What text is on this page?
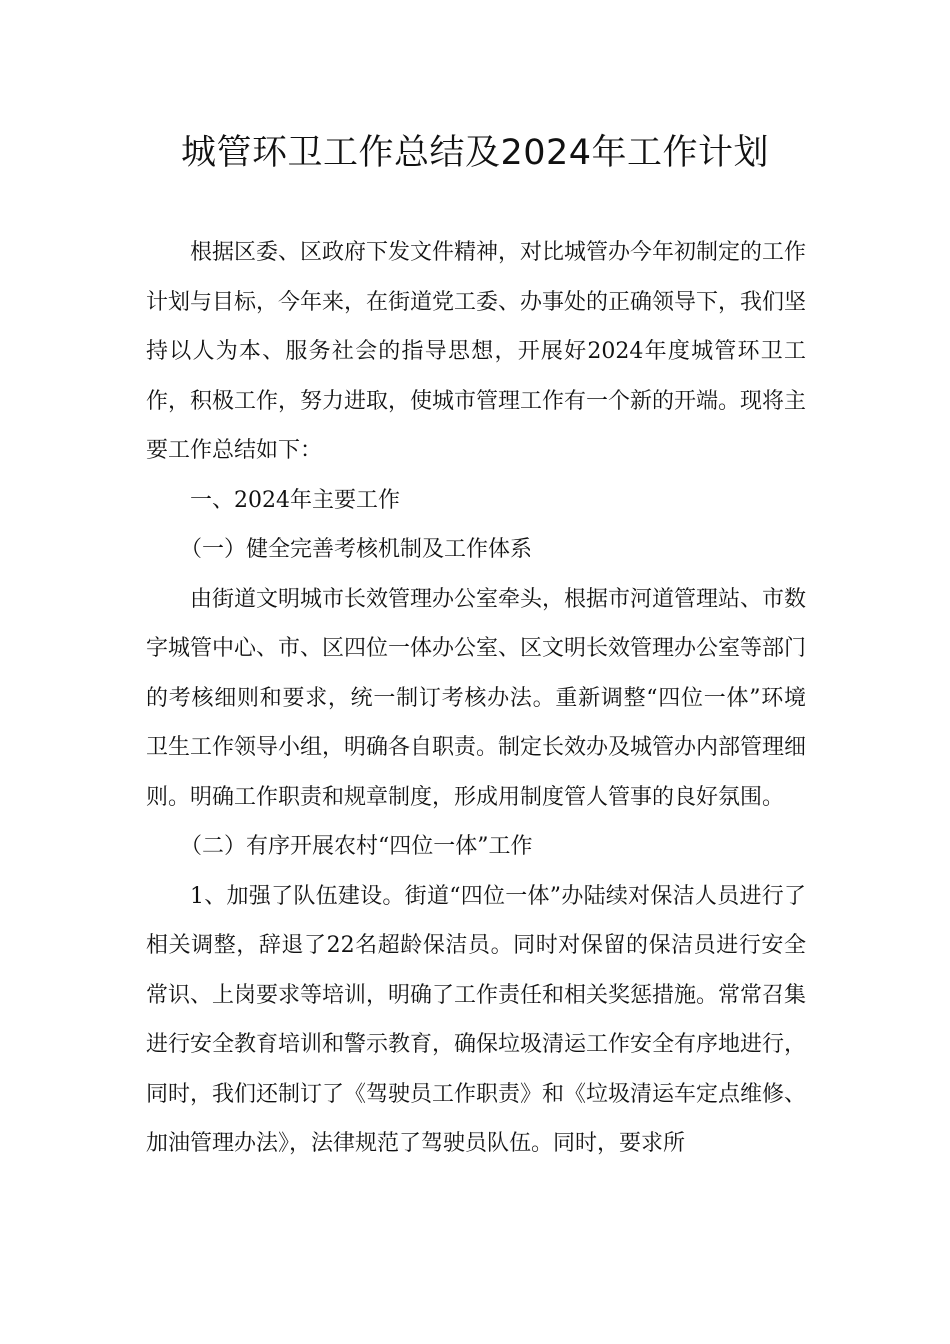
城管环卫工作总结及2024年工作计划

根据区委、区政府下发文件精神，对比城管办今年初制定的工作计划与目标，今年来，在街道党工委、办事处的正确领导下，我们坚持以人为本、服务社会的指导思想，开展好2024年度城管环卫工作，积极工作，努力进取，使城市管理工作有一个新的开端。现将主要工作总结如下：

一、2024年主要工作

（一）健全完善考核机制及工作体系

由街道文明城市长效管理办公室牵头，根据市河道管理站、市数字城管中心、市、区四位一体办公室、区文明长效管理办公室等部门的考核细则和要求，统一制订考核办法。重新调整“四位一体”环境卫生工作领导小组，明确各自职责。制定长效办及城管办内部管理细则。明确工作职责和规章制度，形成用制度管人管事的良好氛围。

（二）有序开展农村“四位一体”工作

1、加强了队伍建设。街道“四位一体”办陆续对保洁人员进行了相关调整，辞退了22名超龄保洁员。同时对保留的保洁员进行安全常识、上岗要求等培训，明确了工作责任和相关奖惩措施。常常召集进行安全教育培训和警示教育，确保垃圾清运工作安全有序地进行，同时，我们还制订了《驾驶员工作职责》和《垃圾清运车定点维修、加油管理办法》，法律规范了驾驶员队伍。同时，要求所
